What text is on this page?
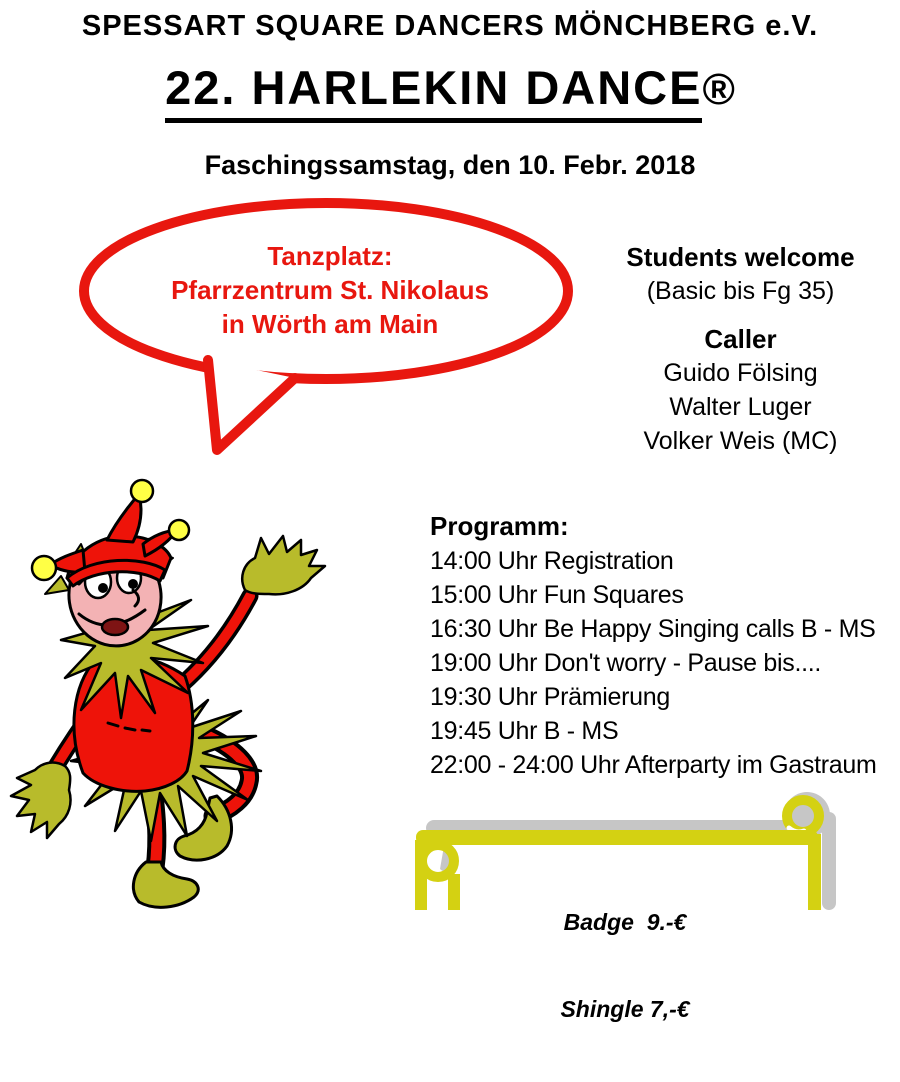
SPESSART SQUARE DANCERS MÖNCHBERG e.V.
22. HARLEKIN DANCE®
Faschingssamstag, den 10. Febr. 2018
Tanzplatz:
Pfarrzentrum St. Nikolaus
in Wörth am Main
Students welcome
(Basic bis Fg 35)
Caller
Guido Fölsing
Walter Luger
Volker Weis (MC)
Programm:
14:00 Uhr Registration
15:00 Uhr Fun Squares
16:30 Uhr Be Happy Singing calls B - MS
19:00 Uhr Don't worry - Pause bis....
19:30 Uhr Prämierung
19:45 Uhr B - MS
22:00 - 24:00 Uhr Afterparty im Gastraum

Badge  9.-€

Shingle 7,-€
